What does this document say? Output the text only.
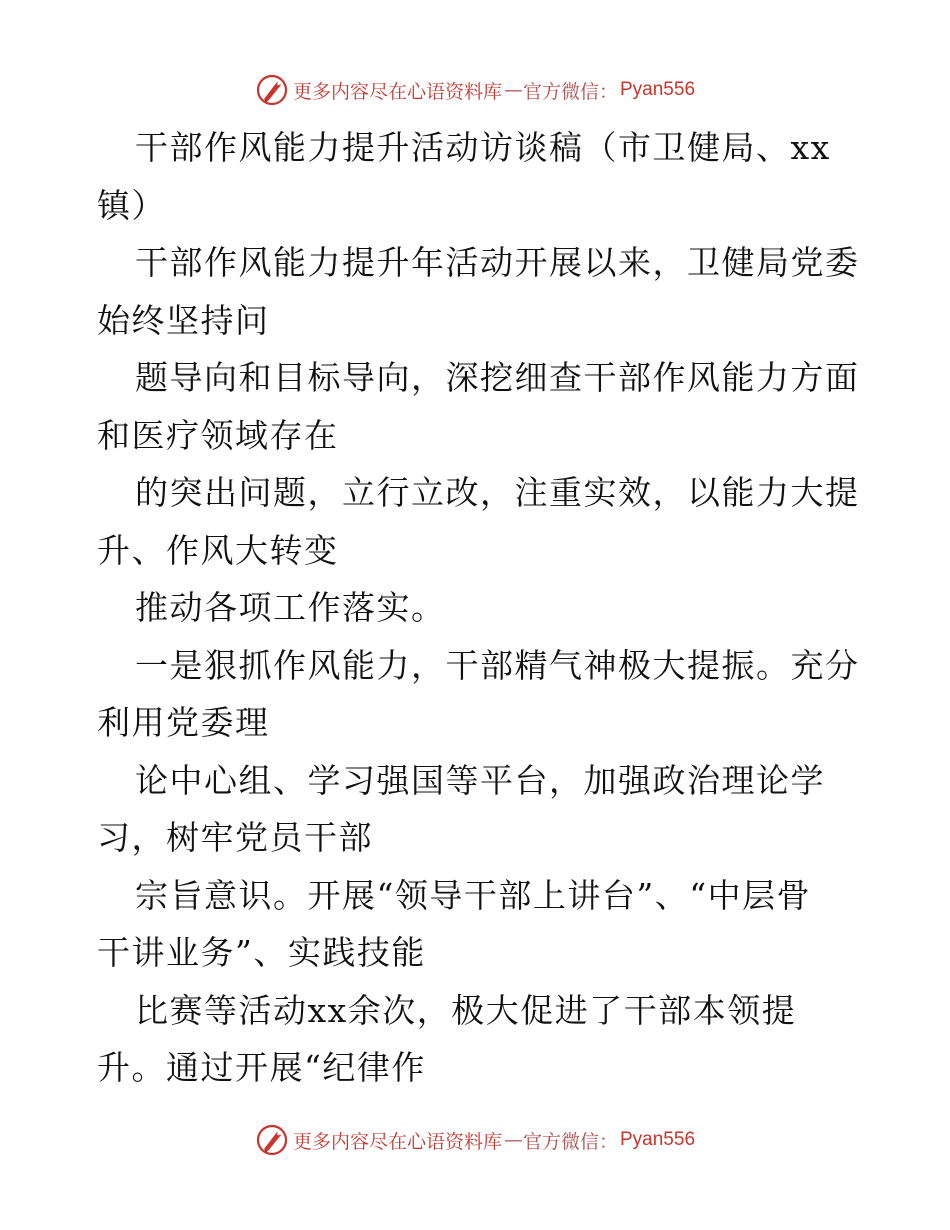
更多内容尽在心语资料库 — 官方微信： Pyan556
干部作风能力提升活动访谈稿（市卫健局、xx
镇）
干部作风能力提升年活动开展以来，卫健局党委
始终坚持问
题导向和目标导向，深挖细查干部作风能力方面
和医疗领域存在
的突出问题，立行立改，注重实效，以能力大提
升、作风大转变
推动各项工作落实。
一是狠抓作风能力，干部精气神极大提振。充分
利用党委理
论中心组、学习强国等平台，加强政治理论学
习，树牢党员干部
宗旨意识。开展“领导干部上讲台”、“中层骨
干讲业务”、实践技能
比赛等活动xx余次，极大促进了干部本领提
升。通过开展“纪律作
更多内容尽在心语资料库 — 官方微信： Pyan556
